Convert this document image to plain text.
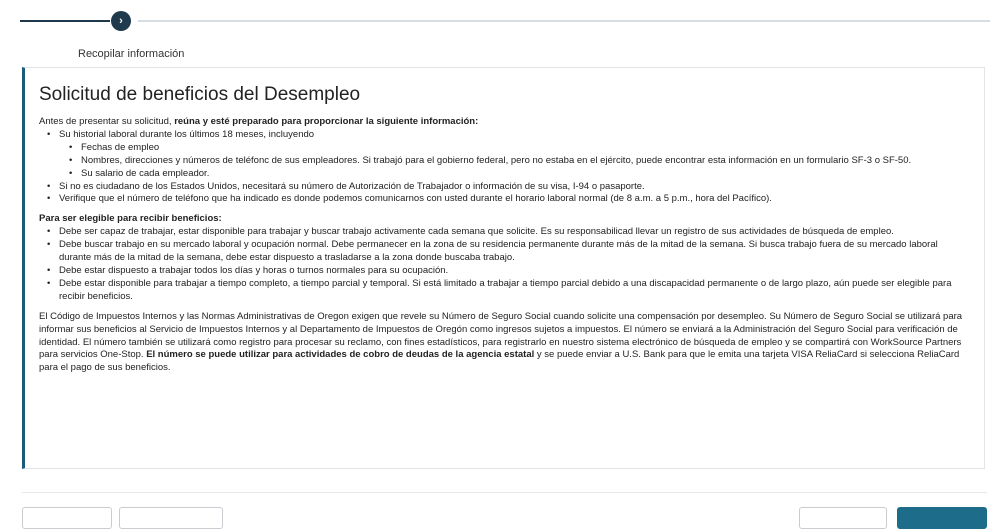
›
Recopilar información
Solicitud de beneficios del Desempleo

Antes de presentar su solicitud, reúna y esté preparado para proporcionar la siguiente información:

• Su historial laboral durante los últimos 18 meses, incluyendo
• Fechas de empleo
• Nombres, direcciones y números de teléfonc de sus empleadores. Si trabajó para el gobierno federal, pero no estaba en el ejército, puede encontrar esta información en un formulario SF-3 o SF-50.
• Su salario de cada empleador.
• Si no es ciudadano de los Estados Unidos, necesitará su número de Autorización de Trabajador o información de su visa, I-94 o pasaporte.
• Verifique que el número de teléfono que ha indicado es donde podemos comunicarnos con usted durante el horario laboral normal (de 8 a.m. a 5 p.m., hora del Pacífico).

Para ser elegible para recibir beneficios:

• Debe ser capaz de trabajar, estar disponible para trabajar y buscar trabajo activamente cada semana que solicite. Es su responsabilicad llevar un registro de sus actividades de búsqueda de empleo.
• Debe buscar trabajo en su mercado laboral y ocupación normal. Debe permanecer en la zona de su residencia permanente durante más de la mitad de la semana. Si busca trabajo fuera de su mercado laboral durante más de la mitad de la semana, debe estar dispuesto a trasladarse a la zona donde buscaba trabajo.
• Debe estar dispuesto a trabajar todos los días y horas o turnos normales para su ocupación.
• Debe estar disponible para trabajar a tiempo completo, a tiempo parcial y temporal. Si está limitado a trabajar a tiempo parcial debido a una discapacidad permanente o de largo plazo, aún puede ser elegible para recibir beneficios.

El Código de Impuestos Internos y las Normas Administrativas de Oregon exigen que revele su Número de Seguro Social cuando solicite una compensación por desempleo. Su Número de Seguro Social se utilizará para informar sus beneficios al Servicio de Impuestos Internos y al Departamento de Impuestos de Oregón como ingresos sujetos a impuestos. El número se enviará a la Administración del Seguro Social para verificación de identidad. El número también se utilizará como registro para procesar su reclamo, con fines estadísticos, para registrarlo en nuestro sistema electrónico de búsqueda de empleo y se compartirá con WorkSource Partners para servicios One-Stop. El número se puede utilizar para actividades de cobro de deudas de la agencia estatal y se puede enviar a U.S. Bank para que le emita una tarjeta VISA ReliaCard si selecciona ReliaCard para el pago de sus beneficios.
